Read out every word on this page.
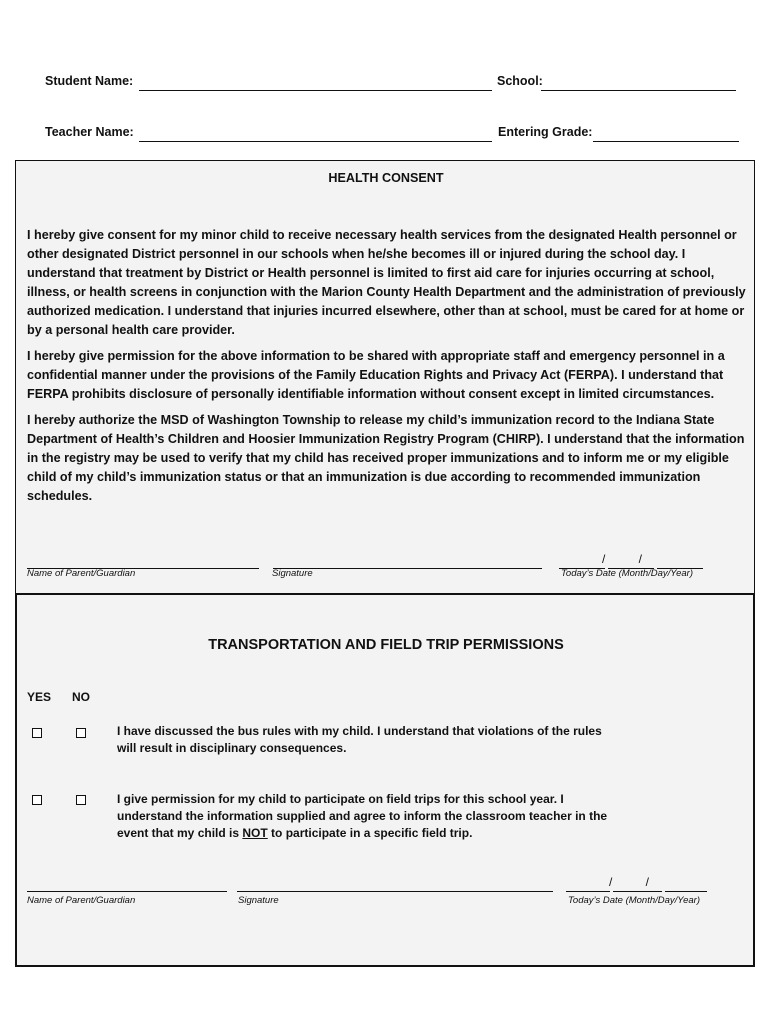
Student Name:	School:
Teacher Name:	Entering Grade:
HEALTH CONSENT

I hereby give consent for my minor child to receive necessary health services from the designated Health personnel or other designated District personnel in our schools when he/she becomes ill or injured during the school day. I understand that treatment by District or Health personnel is limited to first aid care for injuries occurring at school, illness, or health screens in conjunction with the Marion County Health Department and the administration of previously authorized medication. I understand that injuries incurred elsewhere, other than at school, must be cared for at home or by a personal health care provider.

I hereby give permission for the above information to be shared with appropriate staff and emergency personnel in a confidential manner under the provisions of the Family Education Rights and Privacy Act (FERPA). I understand that FERPA prohibits disclosure of personally identifiable information without consent except in limited circumstances.

I hereby authorize the MSD of Washington Township to release my child’s immunization record to the Indiana State Department of Health’s Children and Hoosier Immunization Registry Program (CHIRP). I understand that the information in the registry may be used to verify that my child has received proper immunizations and to inform me or my eligible child of my child’s immunization status or that an immunization is due according to recommended immunization schedules.

/          /
Name of Parent/Guardian	Signature	Today’s Date (Month/Day/Year)
TRANSPORTATION AND FIELD TRIP PERMISSIONS
YES NO
I have discussed the bus rules with my child. I understand that violations of the rules will result in disciplinary consequences.
I give permission for my child to participate on field trips for this school year. I understand the information supplied and agree to inform the classroom teacher in the event that my child is NOT to participate in a specific field trip.
/          /
Name of Parent/Guardian	Signature	Today’s Date (Month/Day/Year)
